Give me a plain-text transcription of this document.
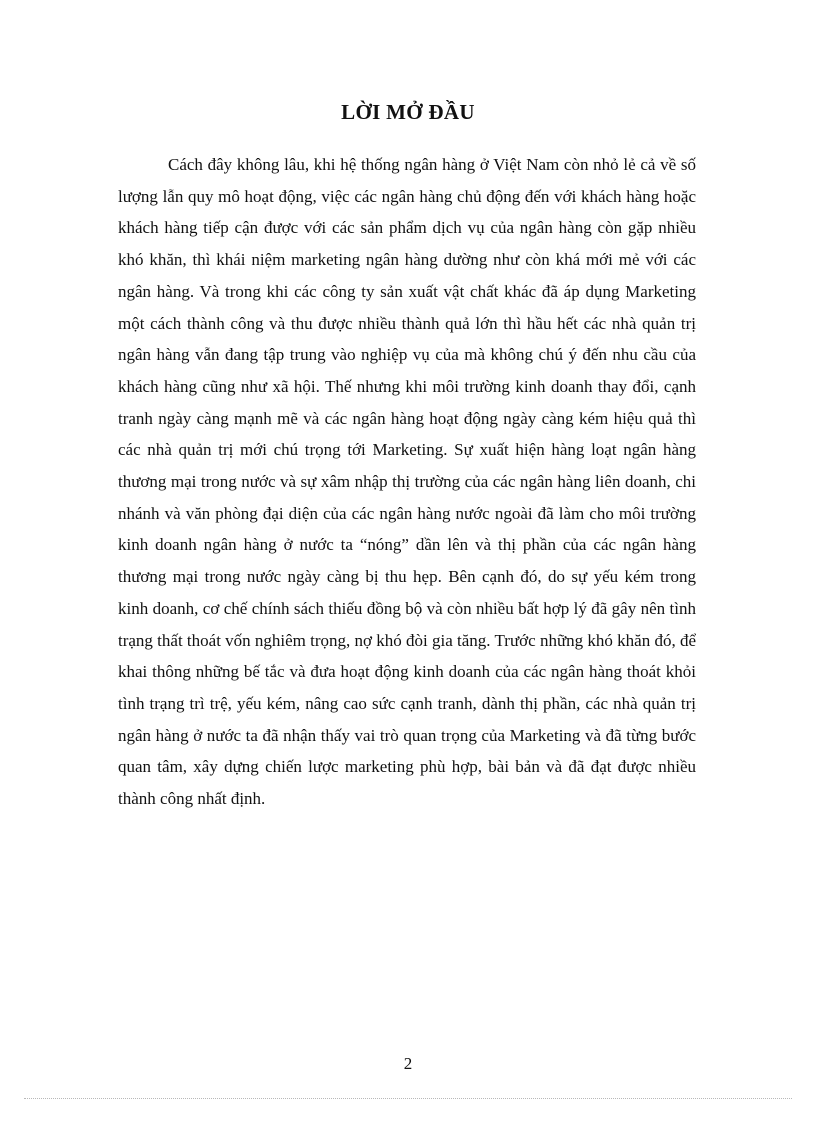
LỜI MỞ ĐẦU

Cách đây không lâu, khi hệ thống ngân hàng ở Việt Nam còn nhỏ lẻ cả về số lượng lẫn quy mô hoạt động, việc các ngân hàng chủ động đến với khách hàng hoặc khách hàng tiếp cận được với các sản phẩm dịch vụ của ngân hàng còn gặp nhiều khó khăn, thì khái niệm marketing ngân hàng dường như còn khá mới mẻ với các ngân hàng. Và trong khi các công ty sản xuất vật chất khác đã áp dụng Marketing một cách thành công và thu được nhiều thành quả lớn thì hầu hết các nhà quản trị ngân hàng vẫn đang tập trung vào nghiệp vụ của mà không chú ý đến nhu cầu của khách hàng cũng như xã hội. Thế nhưng khi môi trường kinh doanh thay đổi, cạnh tranh ngày càng mạnh mẽ và các ngân hàng hoạt động ngày càng kém hiệu quả thì các nhà quản trị mới chú trọng tới Marketing. Sự xuất hiện hàng loạt ngân hàng thương mại trong nước và sự xâm nhập thị trường của các ngân hàng liên doanh, chi nhánh và văn phòng đại diện của các ngân hàng nước ngoài đã làm cho môi trường kinh doanh ngân hàng ở nước ta “nóng” dần lên và thị phần của các ngân hàng thương mại trong nước ngày càng bị thu hẹp. Bên cạnh đó, do sự yếu kém trong kinh doanh, cơ chế chính sách thiếu đồng bộ và còn nhiều bất hợp lý đã gây nên tình trạng thất thoát vốn nghiêm trọng, nợ khó đòi gia tăng. Trước những khó khăn đó, để khai thông những bế tắc và đưa hoạt động kinh doanh của các ngân hàng thoát khỏi tình trạng trì trệ, yếu kém, nâng cao sức cạnh tranh, dành thị phần, các nhà quản trị ngân hàng ở nước ta đã nhận thấy vai trò quan trọng của Marketing và đã từng bước quan tâm, xây dựng chiến lược marketing phù hợp, bài bản và đã đạt được nhiều thành công nhất định.

2
